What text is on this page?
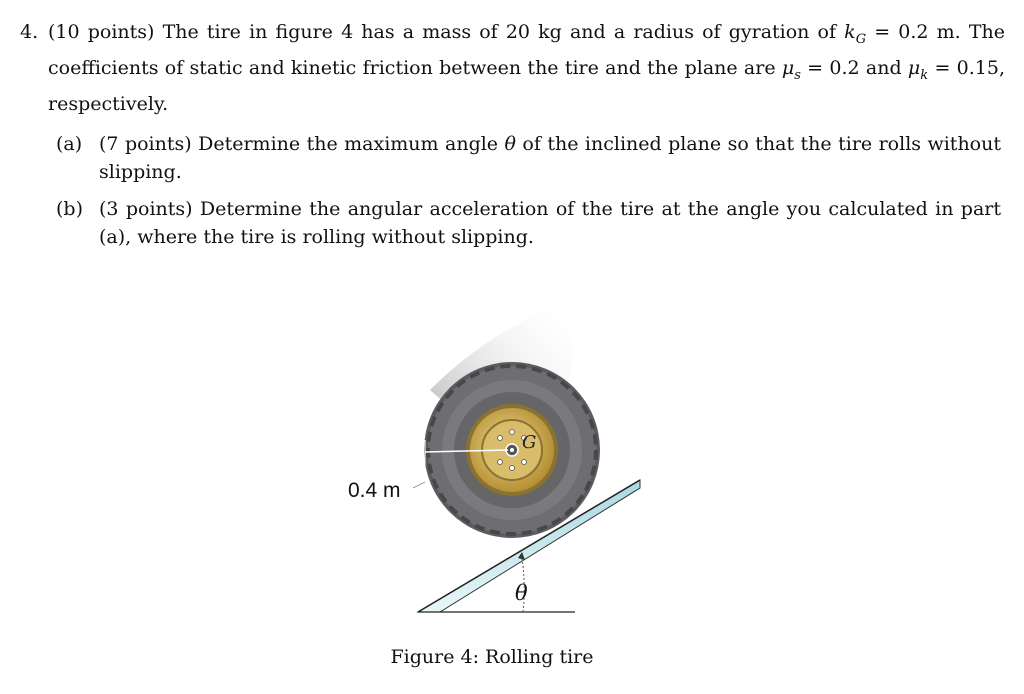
4. (10 points) The tire in figure 4 has a mass of 20 kg and a radius of gyration of $k_G = 0.2$ m. The coefficients of static and kinetic friction between the tire and the plane are $\mu_s = 0.2$ and $\mu_k = 0.15$, respectively.
(a) (7 points) Determine the maximum angle θ of the inclined plane so that the tire rolls without slipping.
(b) (3 points) Determine the angular acceleration of the tire at the angle you calculated in part (a), where the tire is rolling without slipping.
G
0.4 m
θ
Figure 4: Rolling tire
